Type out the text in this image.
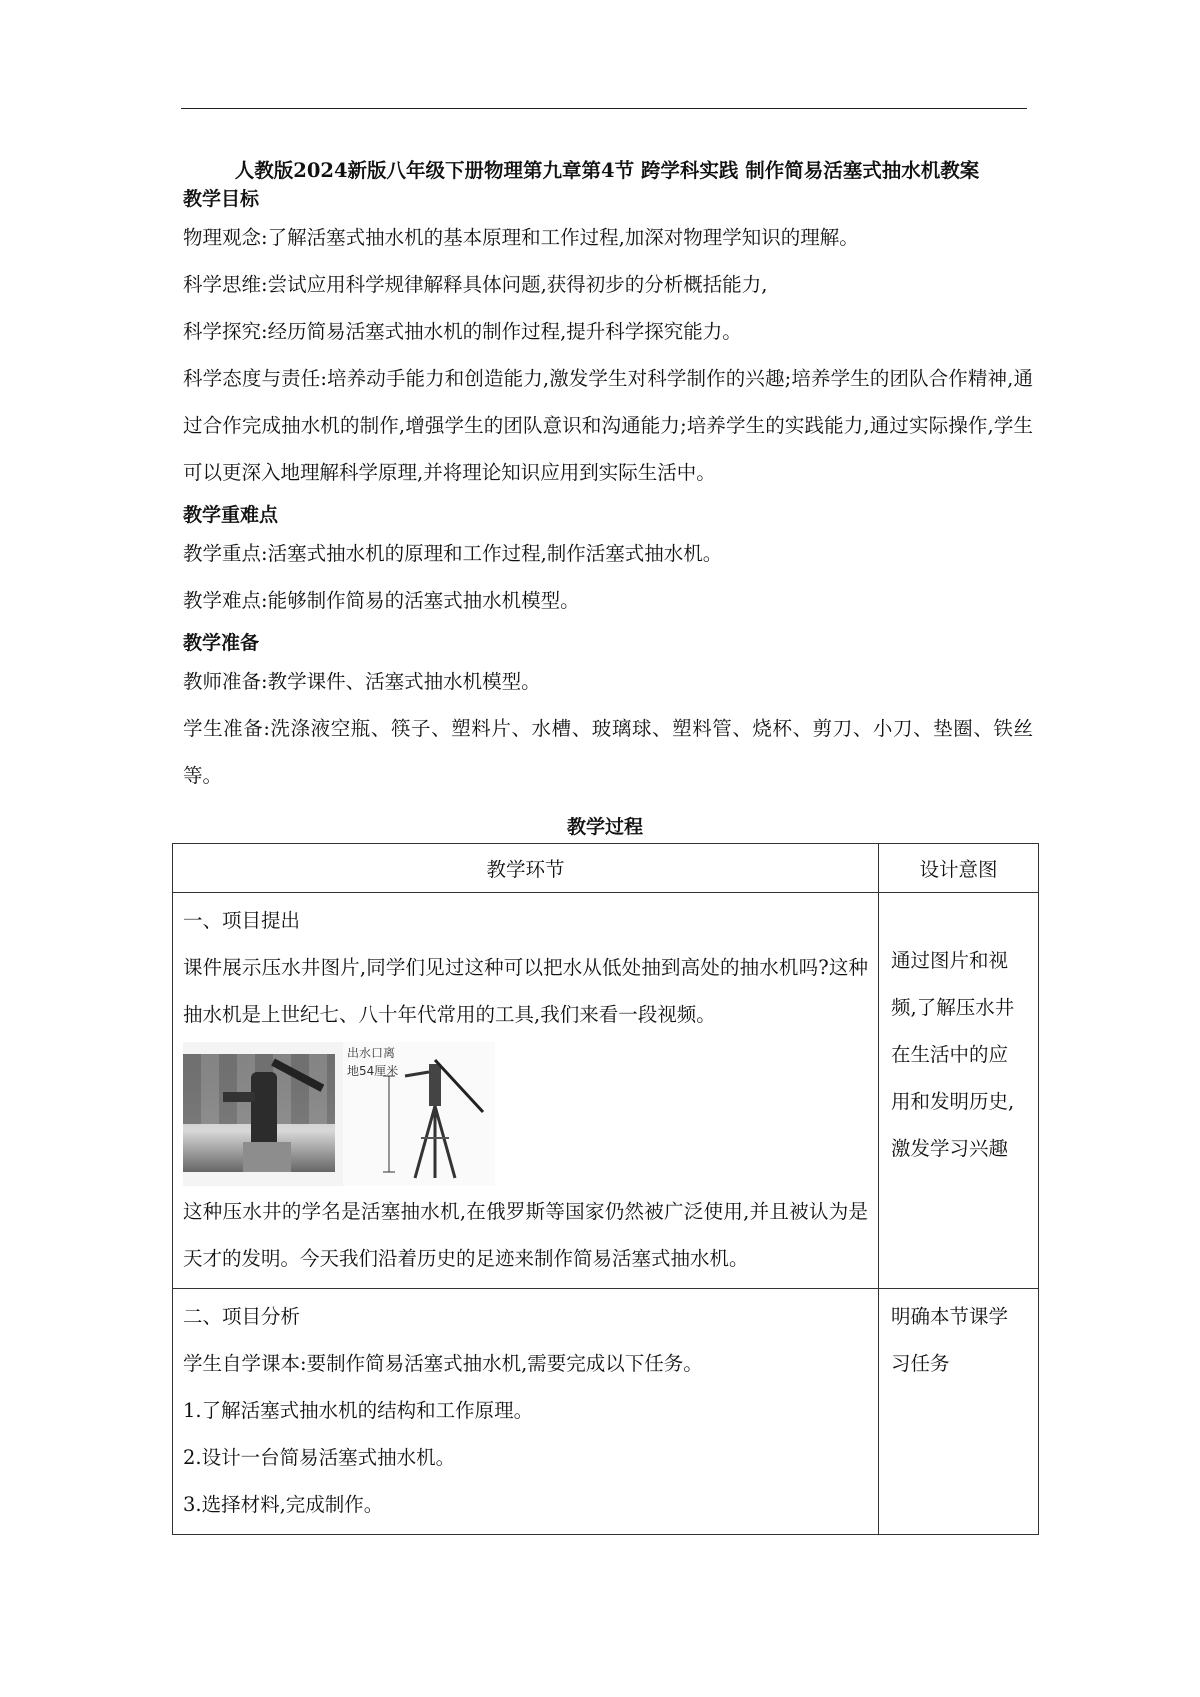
人教版2024新版八年级下册物理第九章第4节 跨学科实践 制作简易活塞式抽水机教案

教学目标

物理观念:了解活塞式抽水机的基本原理和工作过程,加深对物理学知识的理解。

科学思维:尝试应用科学规律解释具体问题,获得初步的分析概括能力,

科学探究:经历简易活塞式抽水机的制作过程,提升科学探究能力。

科学态度与责任:培养动手能力和创造能力,激发学生对科学制作的兴趣;培养学生的团队合作精神,通过合作完成抽水机的制作,增强学生的团队意识和沟通能力;培养学生的实践能力,通过实际操作,学生可以更深入地理解科学原理,并将理论知识应用到实际生活中。

教学重难点

教学重点:活塞式抽水机的原理和工作过程,制作活塞式抽水机。

教学难点:能够制作简易的活塞式抽水机模型。

教学准备

教师准备:教学课件、活塞式抽水机模型。

学生准备:洗涤液空瓶、筷子、塑料片、水槽、玻璃球、塑料管、烧杯、剪刀、小刀、垫圈、铁丝等。

教学过程
教学环节	设计意图

一、项目提出

课件展示压水井图片,同学们见过这种可以把水从低处抽到高处的抽水机吗?这种抽水机是上世纪七、八十年代常用的工具,我们来看一段视频。

出水口离
地54厘米

这种压水井的学名是活塞抽水机,在俄罗斯等国家仍然被广泛使用,并且被认为是天才的发明。今天我们沿着历史的足迹来制作简易活塞式抽水机。	通过图片和视频,了解压水井在生活中的应用和发明历史,激发学习兴趣

二、项目分析

学生自学课本:要制作简易活塞式抽水机,需要完成以下任务。

1.了解活塞式抽水机的结构和工作原理。

2.设计一台简易活塞式抽水机。

3.选择材料,完成制作。	明确本节课学习任务
